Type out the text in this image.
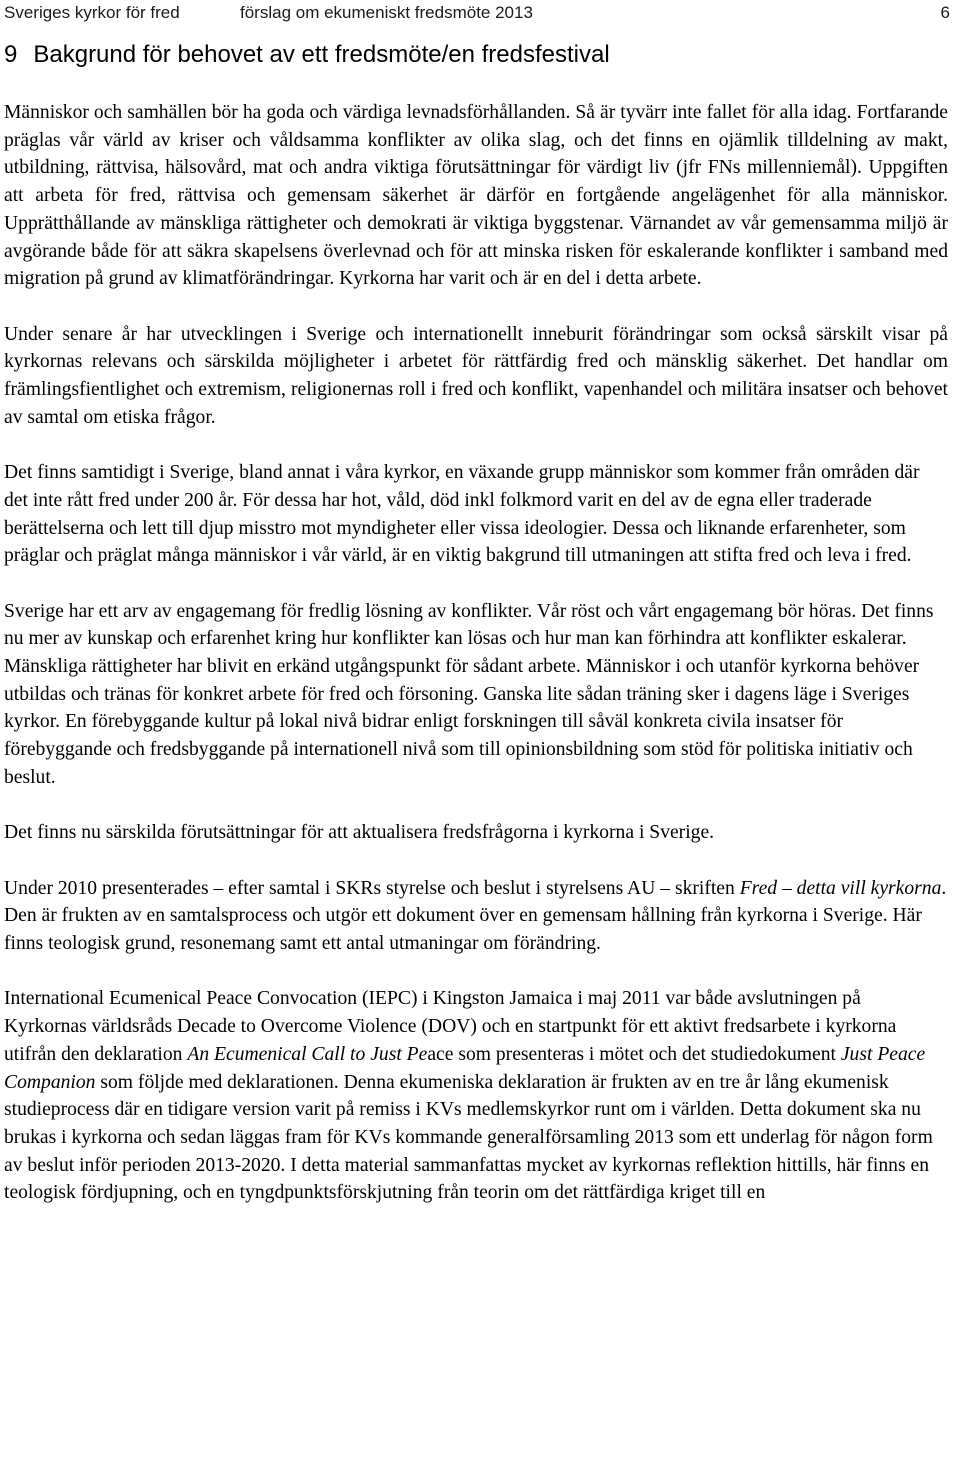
Sveriges kyrkor för fred	förslag om ekumeniskt fredsmöte 2013	6
9 Bakgrund för behovet av ett fredsmöte/en fredsfestival

Människor och samhällen bör ha goda och värdiga levnadsförhållanden. Så är tyvärr inte fallet för alla idag. Fortfarande präglas vår värld av kriser och våldsamma konflikter av olika slag, och det finns en ojämlik tilldelning av makt, utbildning, rättvisa, hälsovård, mat och andra viktiga förutsättningar för värdigt liv (jfr FNs millenniemål). Uppgiften att arbeta för fred, rättvisa och gemensam säkerhet är därför en fortgående angelägenhet för alla människor. Upprätthållande av mänskliga rättigheter och demokrati är viktiga byggstenar. Värnandet av vår gemensamma miljö är avgörande både för att säkra skapelsens överlevnad och för att minska risken för eskalerande konflikter i samband med migration på grund av klimatförändringar. Kyrkorna har varit och är en del i detta arbete.

Under senare år har utvecklingen i Sverige och internationellt inneburit förändringar som också särskilt visar på kyrkornas relevans och särskilda möjligheter i arbetet för rättfärdig fred och mänsklig säkerhet. Det handlar om främlingsfientlighet och extremism, religionernas roll i fred och konflikt, vapenhandel och militära insatser och behovet av samtal om etiska frågor.

Det finns samtidigt i Sverige, bland annat i våra kyrkor, en växande grupp människor som kommer från områden där det inte rått fred under 200 år. För dessa har hot, våld, död inkl folkmord varit en del av de egna eller traderade berättelserna och lett till djup misstro mot myndigheter eller vissa ideologier. Dessa och liknande erfarenheter, som präglar och präglat många människor i vår värld, är en viktig bakgrund till utmaningen att stifta fred och leva i fred.

Sverige har ett arv av engagemang för fredlig lösning av konflikter. Vår röst och vårt engagemang bör höras. Det finns nu mer av kunskap och erfarenhet kring hur konflikter kan lösas och hur man kan förhindra att konflikter eskalerar. Mänskliga rättigheter har blivit en erkänd utgångspunkt för sådant arbete. Människor i och utanför kyrkorna behöver utbildas och tränas för konkret arbete för fred och försoning. Ganska lite sådan träning sker i dagens läge i Sveriges kyrkor. En förebyggande kultur på lokal nivå bidrar enligt forskningen till såväl konkreta civila insatser för förebyggande och fredsbyggande på internationell nivå som till opinionsbildning som stöd för politiska initiativ och beslut.

Det finns nu särskilda förutsättningar för att aktualisera fredsfrågorna i kyrkorna i Sverige.

Under 2010 presenterades – efter samtal i SKRs styrelse och beslut i styrelsens AU – skriften Fred – detta vill kyrkorna. Den är frukten av en samtalsprocess och utgör ett dokument över en gemensam hållning från kyrkorna i Sverige. Här finns teologisk grund, resonemang samt ett antal utmaningar om förändring.

International Ecumenical Peace Convocation (IEPC) i Kingston Jamaica i maj 2011 var både avslutningen på Kyrkornas världsråds Decade to Overcome Violence (DOV) och en startpunkt för ett aktivt fredsarbete i kyrkorna utifrån den deklaration An Ecumenical Call to Just Peace som presenteras i mötet och det studiedokument Just Peace Companion som följde med deklarationen. Denna ekumeniska deklaration är frukten av en tre år lång ekumenisk studieprocess där en tidigare version varit på remiss i KVs medlemskyrkor runt om i världen. Detta dokument ska nu brukas i kyrkorna och sedan läggas fram för KVs kommande generalförsamling 2013 som ett underlag för någon form av beslut inför perioden 2013-2020. I detta material sammanfattas mycket av kyrkornas reflektion hittills, här finns en teologisk fördjupning, och en tyngdpunktsförskjutning från teorin om det rättfärdiga kriget till en
